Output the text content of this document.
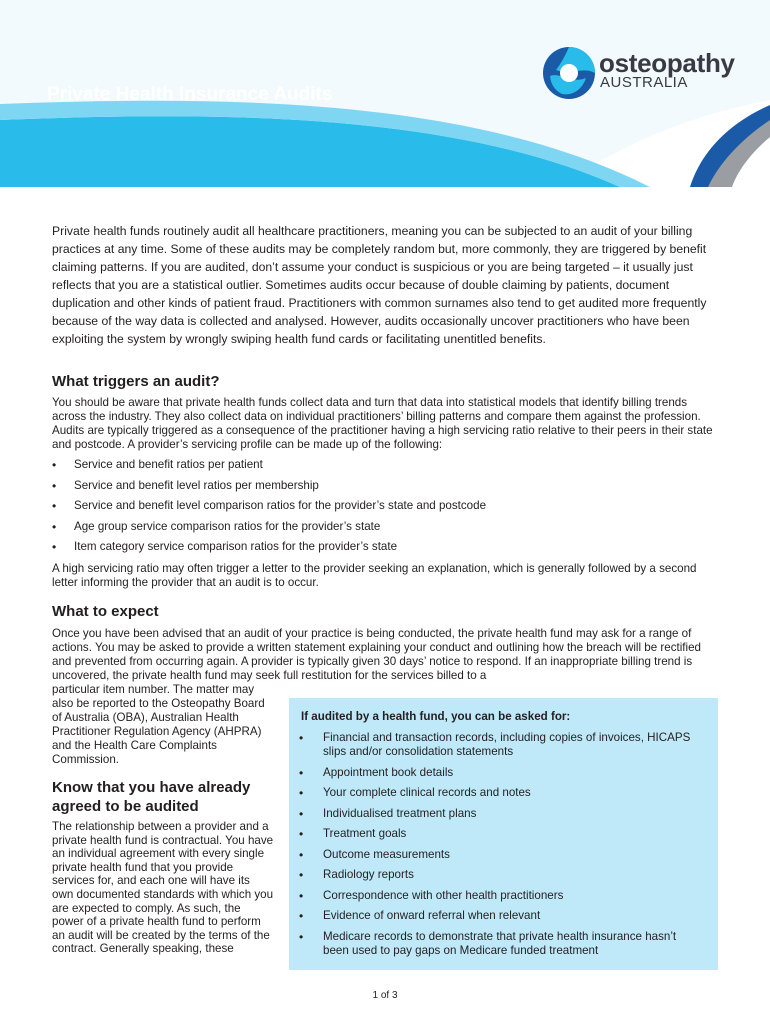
Private Health Insurance Audits
osteopathy
AUSTRALIA

Private health funds routinely audit all healthcare practitioners, meaning you can be subjected to an audit of your billing practices at any time. Some of these audits may be completely random but, more commonly, they are triggered by benefit claiming patterns. If you are audited, don’t assume your conduct is suspicious or you are being targeted – it usually just reflects that you are a statistical outlier. Sometimes audits occur because of double claiming by patients, document duplication and other kinds of patient fraud. Practitioners with common surnames also tend to get audited more frequently because of the way data is collected and analysed. However, audits occasionally uncover practitioners who have been exploiting the system by wrongly swiping health fund cards or facilitating unentitled benefits.

What triggers an audit?

You should be aware that private health funds collect data and turn that data into statistical models that identify billing trends across the industry. They also collect data on individual practitioners’ billing patterns and compare them against the profession. Audits are typically triggered as a consequence of the practitioner having a high servicing ratio relative to their peers in their state and postcode. A provider’s servicing profile can be made up of the following:

• Service and benefit ratios per patient
• Service and benefit level ratios per membership
• Service and benefit level comparison ratios for the provider’s state and postcode
• Age group service comparison ratios for the provider’s state
• Item category service comparison ratios for the provider’s state

A high servicing ratio may often trigger a letter to the provider seeking an explanation, which is generally followed by a second letter informing the provider that an audit is to occur.

What to expect

Once you have been advised that an audit of your practice is being conducted, the private health fund may ask for a range of actions. You may be asked to provide a written statement explaining your conduct and outlining how the breach will be rectified and prevented from occurring again. A provider is typically given 30 days’ notice to respond. If an inappropriate billing trend is uncovered, the private health fund may seek full restitution for the services billed to a

particular item number. The matter may also be reported to the Osteopathy Board of Australia (OBA), Australian Health Practitioner Regulation Agency (AHPRA) and the Health Care Complaints Commission.

Know that you have already agreed to be audited

The relationship between a provider and a private health fund is contractual. You have an individual agreement with every single private health fund that you provide services for, and each one will have its own documented standards with which you are expected to comply. As such, the power of a private health fund to perform an audit will be created by the terms of the contract. Generally speaking, these

If audited by a health fund, you can be asked for:

• Financial and transaction records, including copies of invoices, HICAPS slips and/or consolidation statements
• Appointment book details
• Your complete clinical records and notes
• Individualised treatment plans
• Treatment goals
• Outcome measurements
• Radiology reports
• Correspondence with other health practitioners
• Evidence of onward referral when relevant
• Medicare records to demonstrate that private health insurance hasn’t been used to pay gaps on Medicare funded treatment

1 of 3
